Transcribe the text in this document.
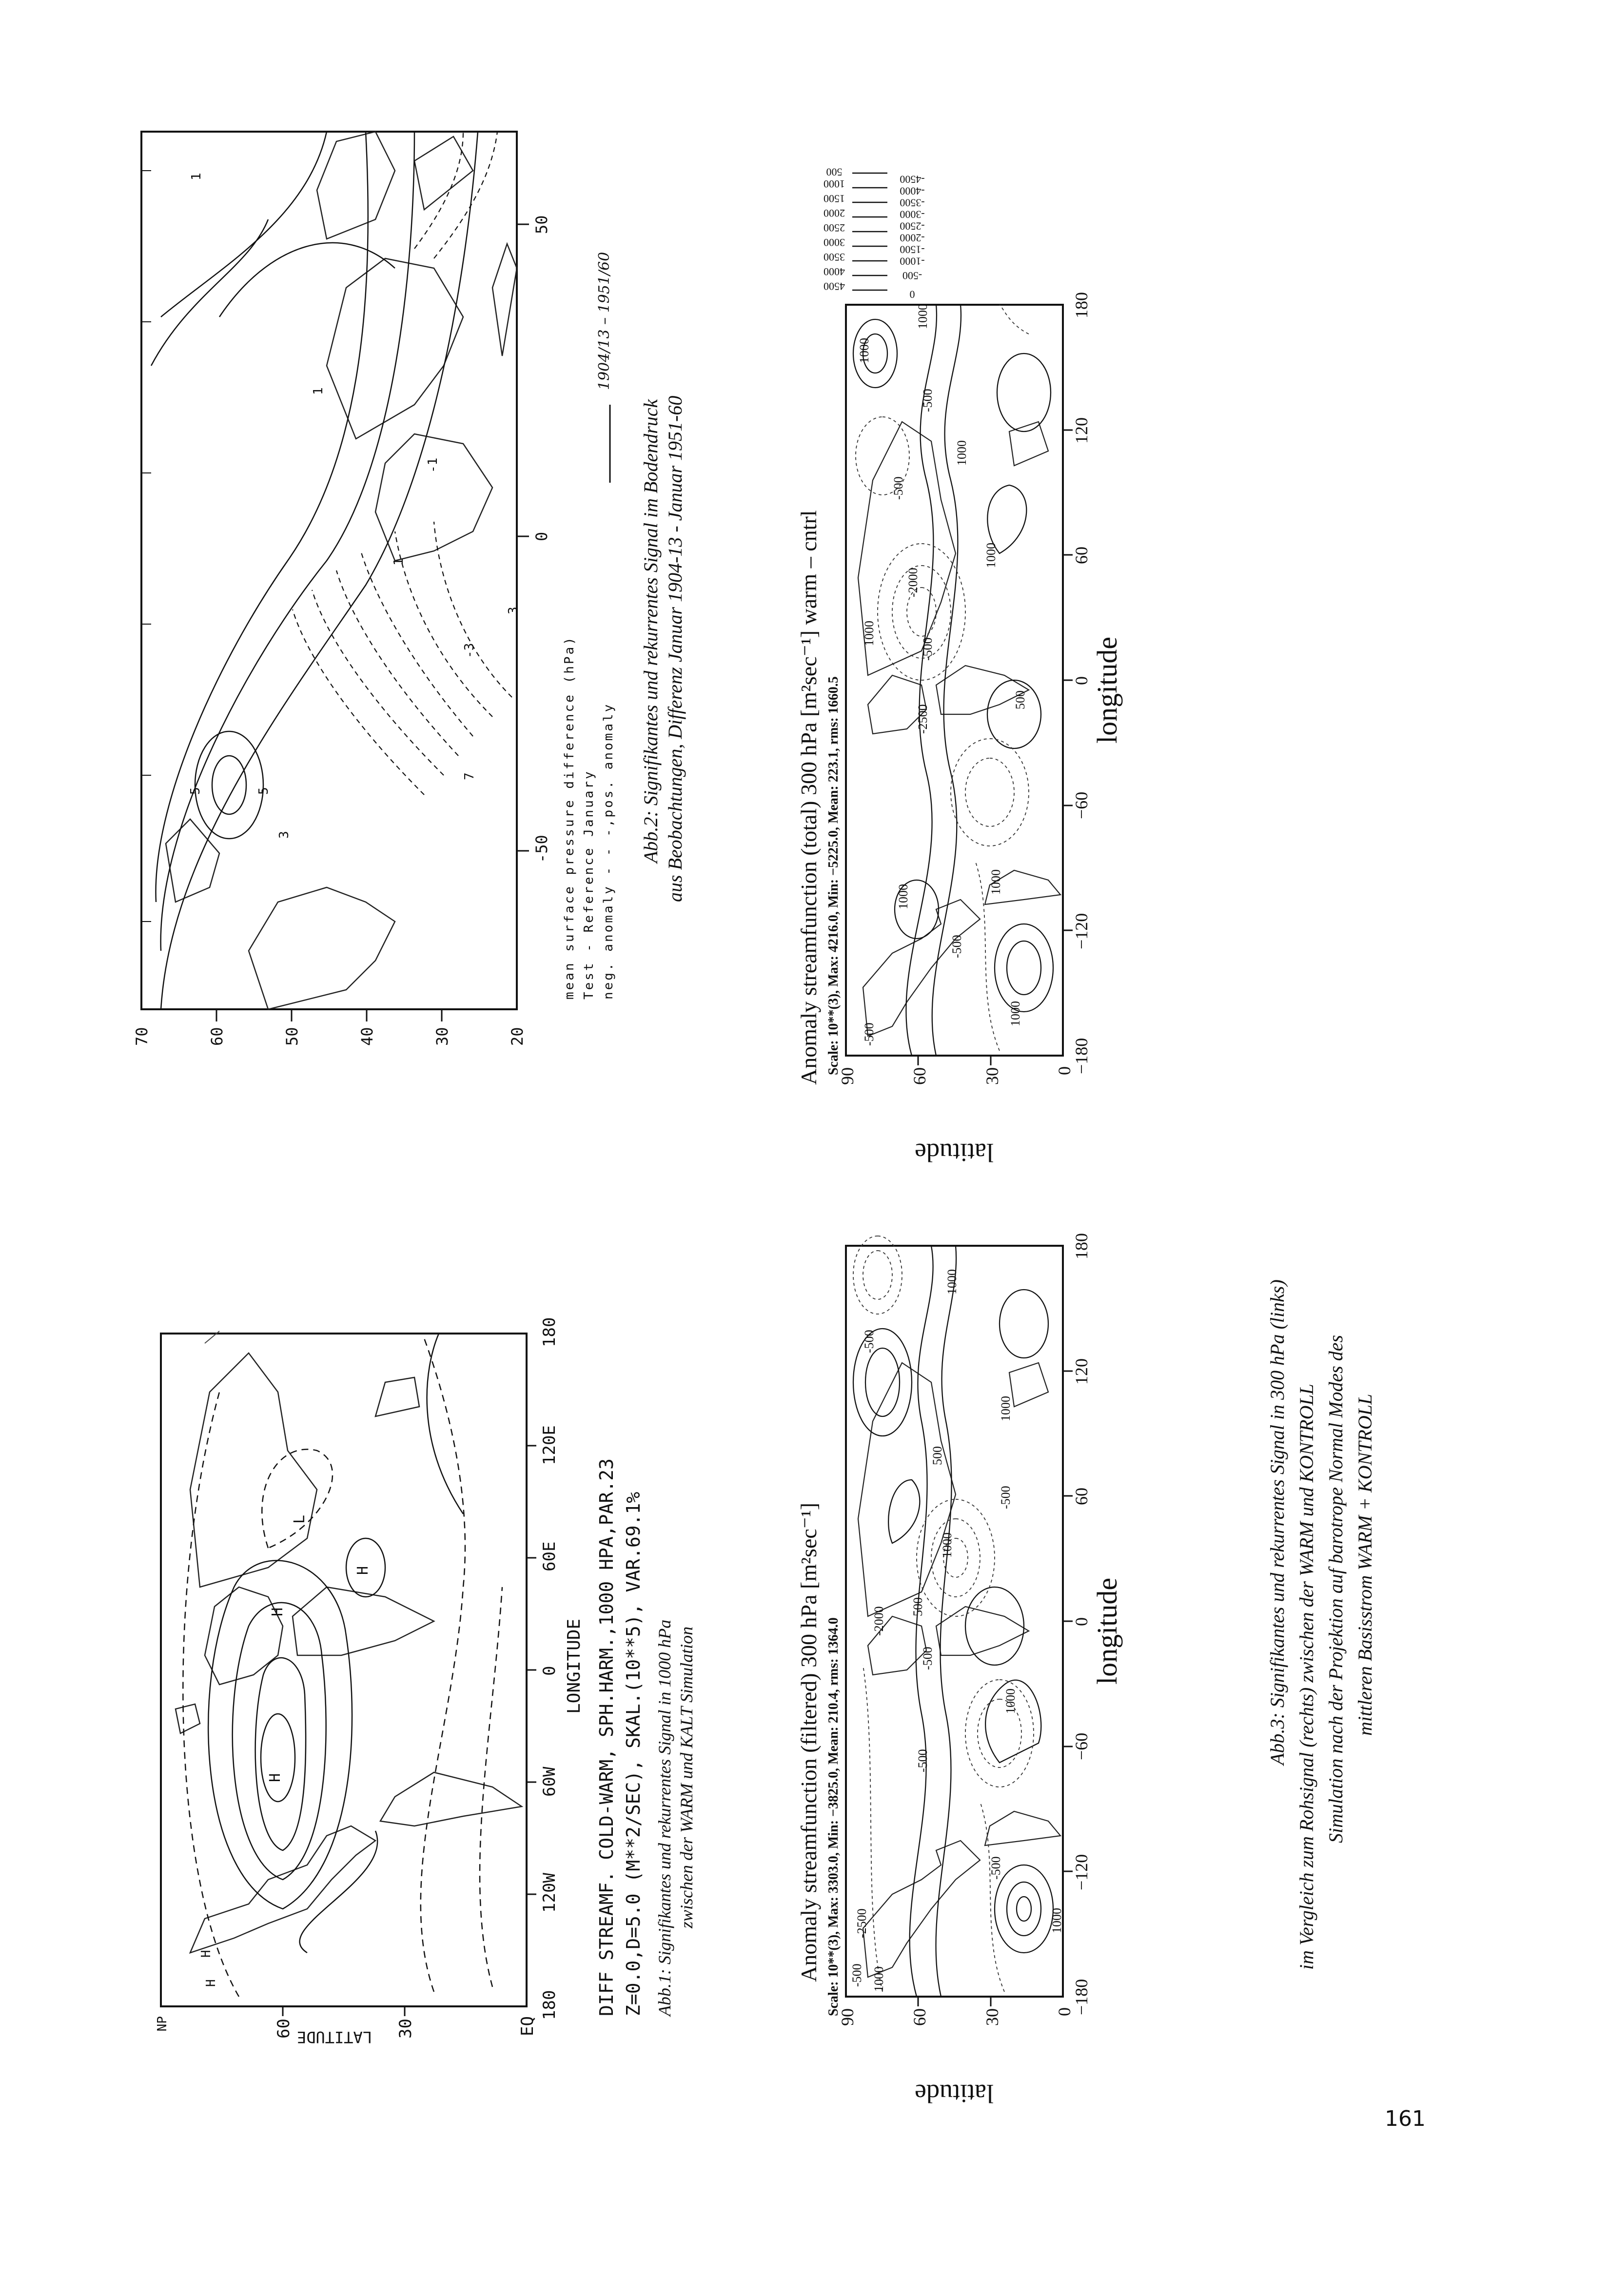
NP	60	30	EQ
LATITUDE
180
120W
60W
0
60E
120E
180
LONGITUDE
H
H
H
H
H
L	DIFF STREAMF. COLD-WARM, SPH.HARM.,1000 HPA,PAR.23 Z=0.0,D=5.0 (M**2/SEC), SKAL.(10**5), VAR.69.1% Abb.1: Signifikantes und rekurrentes Signal in 1000 hPa zwischen der WARM und KALT Simulation
70	60	50	40	30	20
-50
0
50
1
1
1
3
3
5
5
7
-1
-3	mean surface pressure difference (hPa) Test - Reference January neg. anomaly - - -,pos. anomaly
1904/13 – 1951/60
Abb.2: Signifikantes und rekurrentes Signal im Bodendruck aus Beobachtungen, Differenz Januar 1904-13 - Januar 1951-60
Anomaly streamfunction (filtered) 300 hPa [m²sec⁻¹] Scale: 10**(3), Max: 3303.0, Min: −3825.0, Mean: 210.4, rms: 1364.0
90	60	30	0
latitude
−180
−120
−60
0
60
120
180
longitude
-500
-2500
1000
-500
500
-2000
-500
1000
-500
1000
1000
1000
-500
500
-500
1000
Anomaly streamfunction (total) 300 hPa [m²sec⁻¹] warm – cntrl Scale: 10**(3), Max: 4216.0, Min: −5225.0, Mean: 223.1, rms: 1660.5
90	60	30	0
latitude
−180
−120
−60
0
60
120
180
longitude
-500
-500
1000
1000
1000
-2500
-500
-2000
1000
-500
1000
1000
-500
500
1000
1000
4500
4000
3500
3000
2500
2000
1500
1000
500
0
-500
-1000
-1500
-2000
-2500
-3000
-3500
-4000
-4500
Abb.3: Signifikantes und rekurrentes Signal in 300 hPa (links) im Vergleich zum Rohsignal (rechts) zwischen der WARM und KONTROLL Simulation nach der Projektion auf barotrope Normal Modes des mittleren Basisstrom WARM + KONTROLL
161
